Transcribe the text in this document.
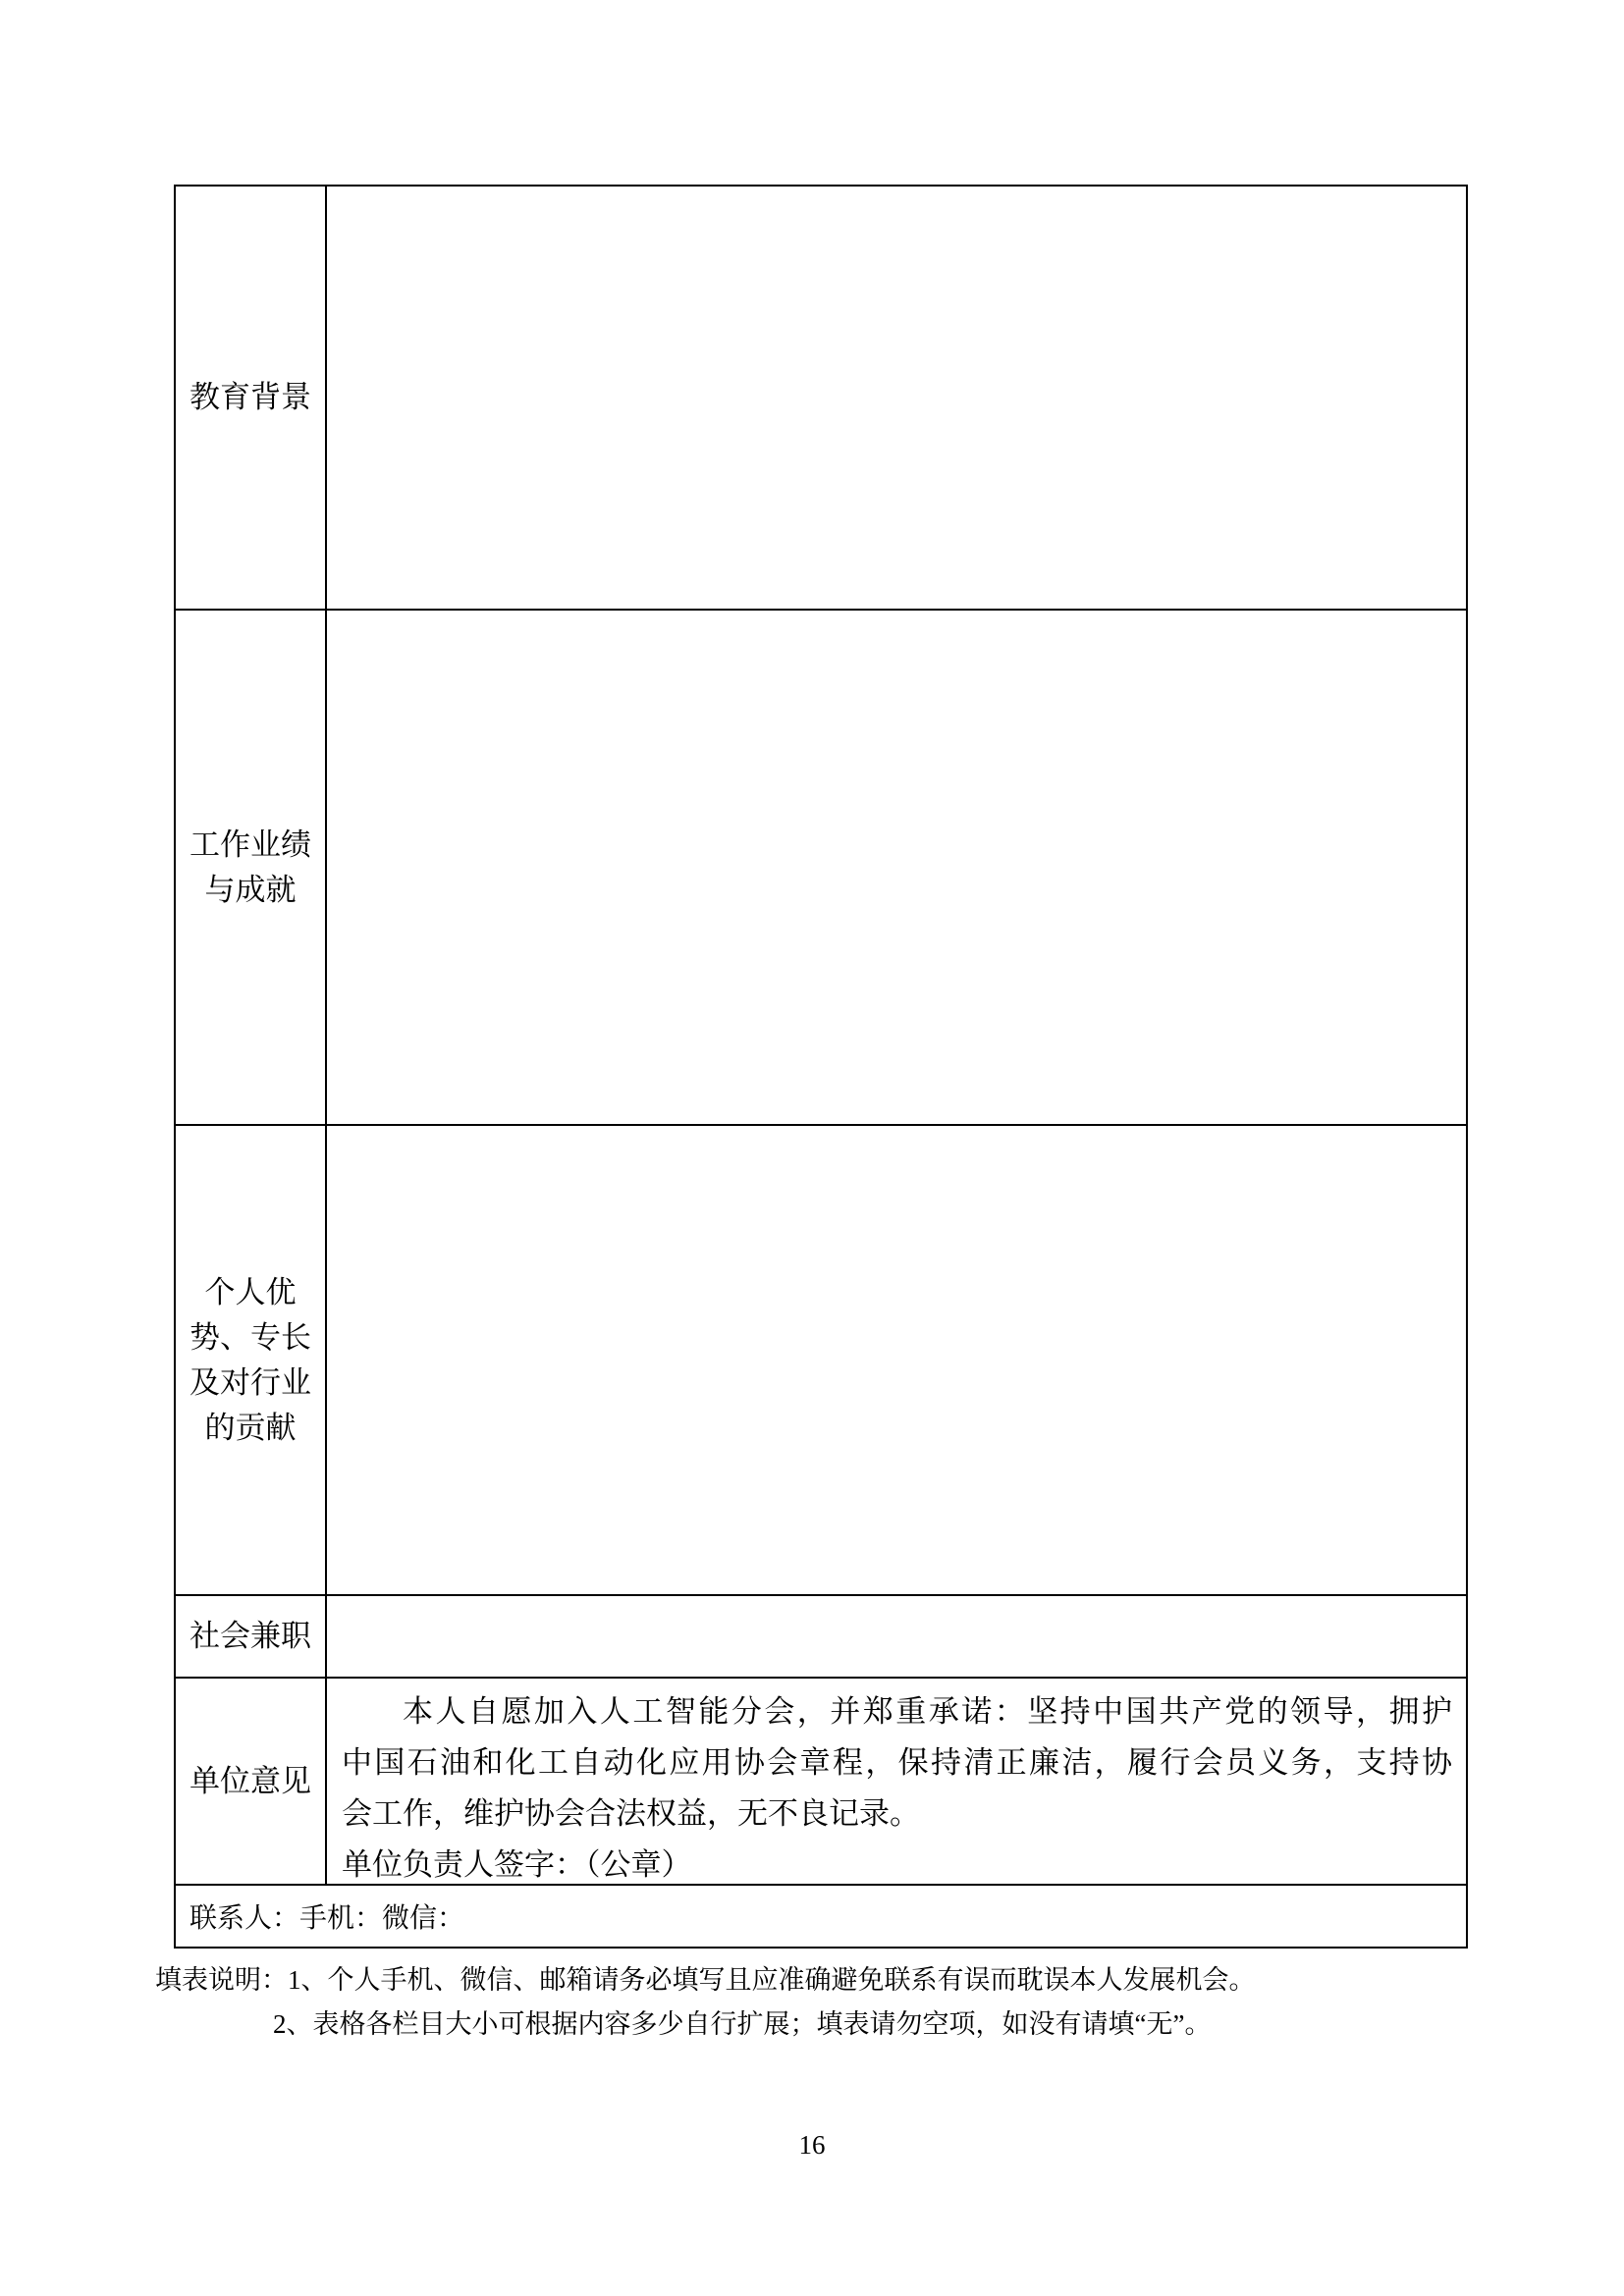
教育背景
工作业绩
与成就
个人优
势、专长
及对行业
的贡献
社会兼职
单位意见
本人自愿加入人工智能分会，并郑重承诺：坚持中国共产党的领导，拥护
中国石油和化工自动化应用协会章程，保持清正廉洁，履行会员义务，支持协
会工作，维护协会合法权益，无不良记录。
单位负责人签字：（公章）
联系人：手机：微信：
填表说明：1、个人手机、微信、邮箱请务必填写且应准确避免联系有误而耽误本人发展机会。
2、表格各栏目大小可根据内容多少自行扩展；填表请勿空项，如没有请填“无”。
16
